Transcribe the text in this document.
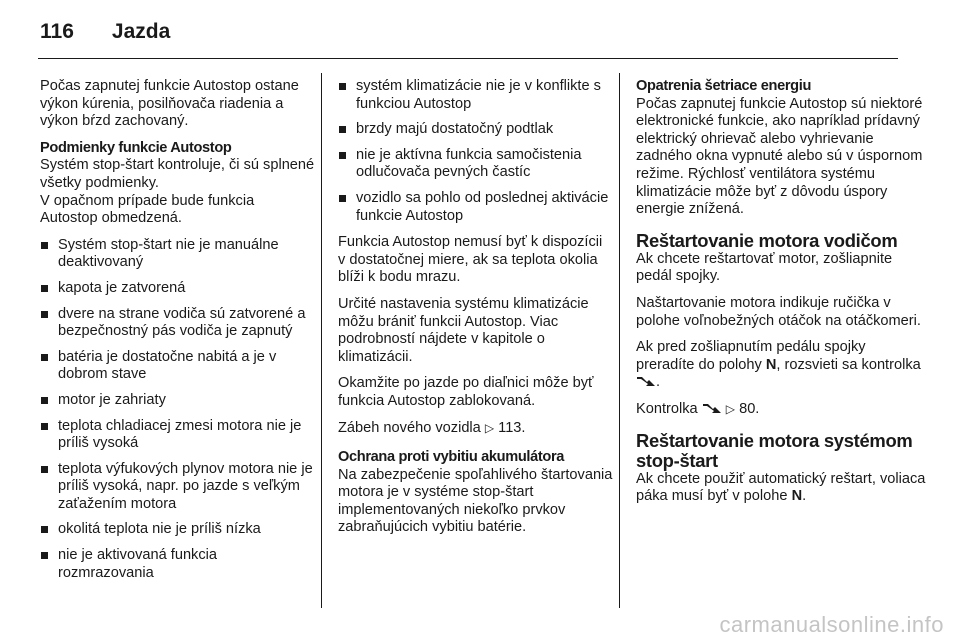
116 Jazda

Počas zapnutej funkcie Autostop ostane výkon kúrenia, posilňovača riadenia a výkon bŕzd zachovaný.

Podmienky funkcie Autostop
Systém stop-štart kontroluje, či sú splnené všetky podmienky.

V opačnom prípade bude funkcia Autostop obmedzená.

Systém stop-štart nie je manuálne deaktivovaný
kapota je zatvorená
dvere na strane vodiča sú zatvorené a bezpečnostný pás vodiča je zapnutý
batéria je dostatočne nabitá a je v dobrom stave
motor je zahriaty
teplota chladiacej zmesi motora nie je príliš vysoká
teplota výfukových plynov motora nie je príliš vysoká, napr. po jazde s veľkým zaťažením motora
okolitá teplota nie je príliš nízka
nie je aktivovaná funkcia rozmrazovania
systém klimatizácie nie je v konflikte s funkciou Autostop
brzdy majú dostatočný podtlak
nie je aktívna funkcia samočistenia odlučovača pevných častíc
vozidlo sa pohlo od poslednej aktivácie funkcie Autostop

Funkcia Autostop nemusí byť k dispozícii v dostatočnej miere, ak sa teplota okolia blíži k bodu mrazu.

Určité nastavenia systému klimatizácie môžu brániť funkcii Autostop. Viac podrobností nájdete v kapitole o klimatizácii.

Okamžite po jazde po diaľnici môže byť funkcia Autostop zablokovaná.

Zábeh nového vozidla ▷ 113.

Ochrana proti vybitiu akumulátora

Na zabezpečenie spoľahlivého štartovania motora je v systéme stop-štart implementovaných niekoľko prvkov zabraňujúcich vybitiu batérie.

Opatrenia šetriace energiu

Počas zapnutej funkcie Autostop sú niektoré elektronické funkcie, ako napríklad prídavný elektrický ohrievač alebo vyhrievanie zadného okna vypnuté alebo sú v úspornom režime. Rýchlosť ventilátora systému klimatizácie môže byť z dôvodu úspory energie znížená.

Reštartovanie motora vodičom

Ak chcete reštartovať motor, zošliapnite pedál spojky.

Naštartovanie motora indikuje ručička v polohe voľnobežných otáčok na otáčkomeri.

Ak pred zošliapnutím pedálu spojky preradíte do polohy N, rozsvieti sa kontrolka .

Kontrolka ▷ 80.

Reštartovanie motora systémom stop-štart

Ak chcete použiť automatický reštart, voliaca páka musí byť v polohe N.

carmanualsonline.info
